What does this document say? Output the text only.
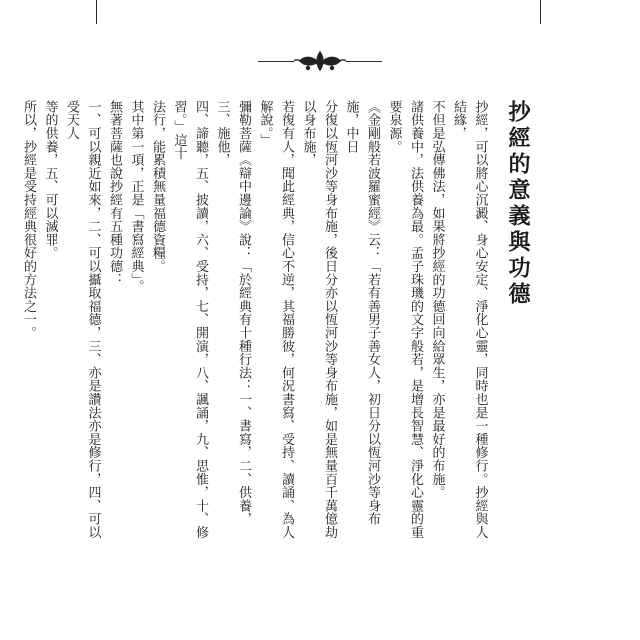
抄經的意義與功德
抄經，可以將心沉澱、身心安定、淨化心靈，同時也是一種修行。抄經與人結緣，
不但是弘傳佛法，如果將抄經的功德回向給眾生，亦是最好的布施。
諸供養中，法供養為最。孟子珠璣的文字般若，是增長智慧、淨化心靈的重要泉源。
《金剛般若波羅蜜經》云：「若有善男子善女人，初日分以恆河沙等身布施，中日
分復以恆河沙等身布施，後日分亦以恆河沙等身布施，如是無量百千萬億劫以身布施，
若復有人，聞此經典，信心不逆，其福勝彼，何況書寫、受持、讀誦、為人解說。」
彌勒菩薩《辯中邊論》說：「於經典有十種行法：一、書寫，二、供養，三、施他，
四、諦聽，五、披讀，六、受持，七、開演，八、諷誦，九、思惟，十、修習。」這十
法行，能累積無量福德資糧。
其中第一項，正是「書寫經典」。
無著菩薩也說抄經有五種功德：
一、可以親近如來，二、可以攝取福德，三、亦是讚法亦是修行，四、可以受天人
等的供養，五、可以滅罪。
所以，抄經是受持經典很好的方法之一。
